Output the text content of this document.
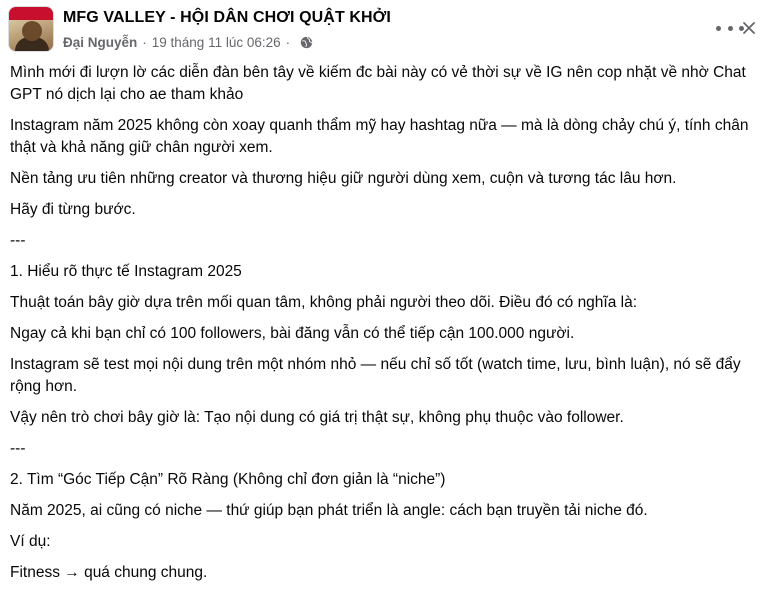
MFG VALLEY - HỘI DÂN CHƠI QUẬT KHỞI
Đại Nguyễn · 19 tháng 11 lúc 06:26 ·

Mình mới đi lượn lờ các diễn đàn bên tây về kiếm đc bài này có vẻ thời sự về IG nên cop nhặt về nhờ Chat GPT nó dịch lại cho ae tham khảo

Instagram năm 2025 không còn xoay quanh thẩm mỹ hay hashtag nữa — mà là dòng chảy chú ý, tính chân thật và khả năng giữ chân người xem.

Nền tảng ưu tiên những creator và thương hiệu giữ người dùng xem, cuộn và tương tác lâu hơn.

Hãy đi từng bước.

---

1. Hiểu rõ thực tế Instagram 2025

Thuật toán bây giờ dựa trên mối quan tâm, không phải người theo dõi. Điều đó có nghĩa là:

Ngay cả khi bạn chỉ có 100 followers, bài đăng vẫn có thể tiếp cận 100.000 người.

Instagram sẽ test mọi nội dung trên một nhóm nhỏ — nếu chỉ số tốt (watch time, lưu, bình luận), nó sẽ đẩy rộng hơn.

Vậy nên trò chơi bây giờ là: Tạo nội dung có giá trị thật sự, không phụ thuộc vào follower.

---

2. Tìm “Góc Tiếp Cận” Rõ Ràng (Không chỉ đơn giản là “niche”)

Năm 2025, ai cũng có niche — thứ giúp bạn phát triển là angle: cách bạn truyền tải niche đó.

Ví dụ:

Fitness → quá chung chung.
